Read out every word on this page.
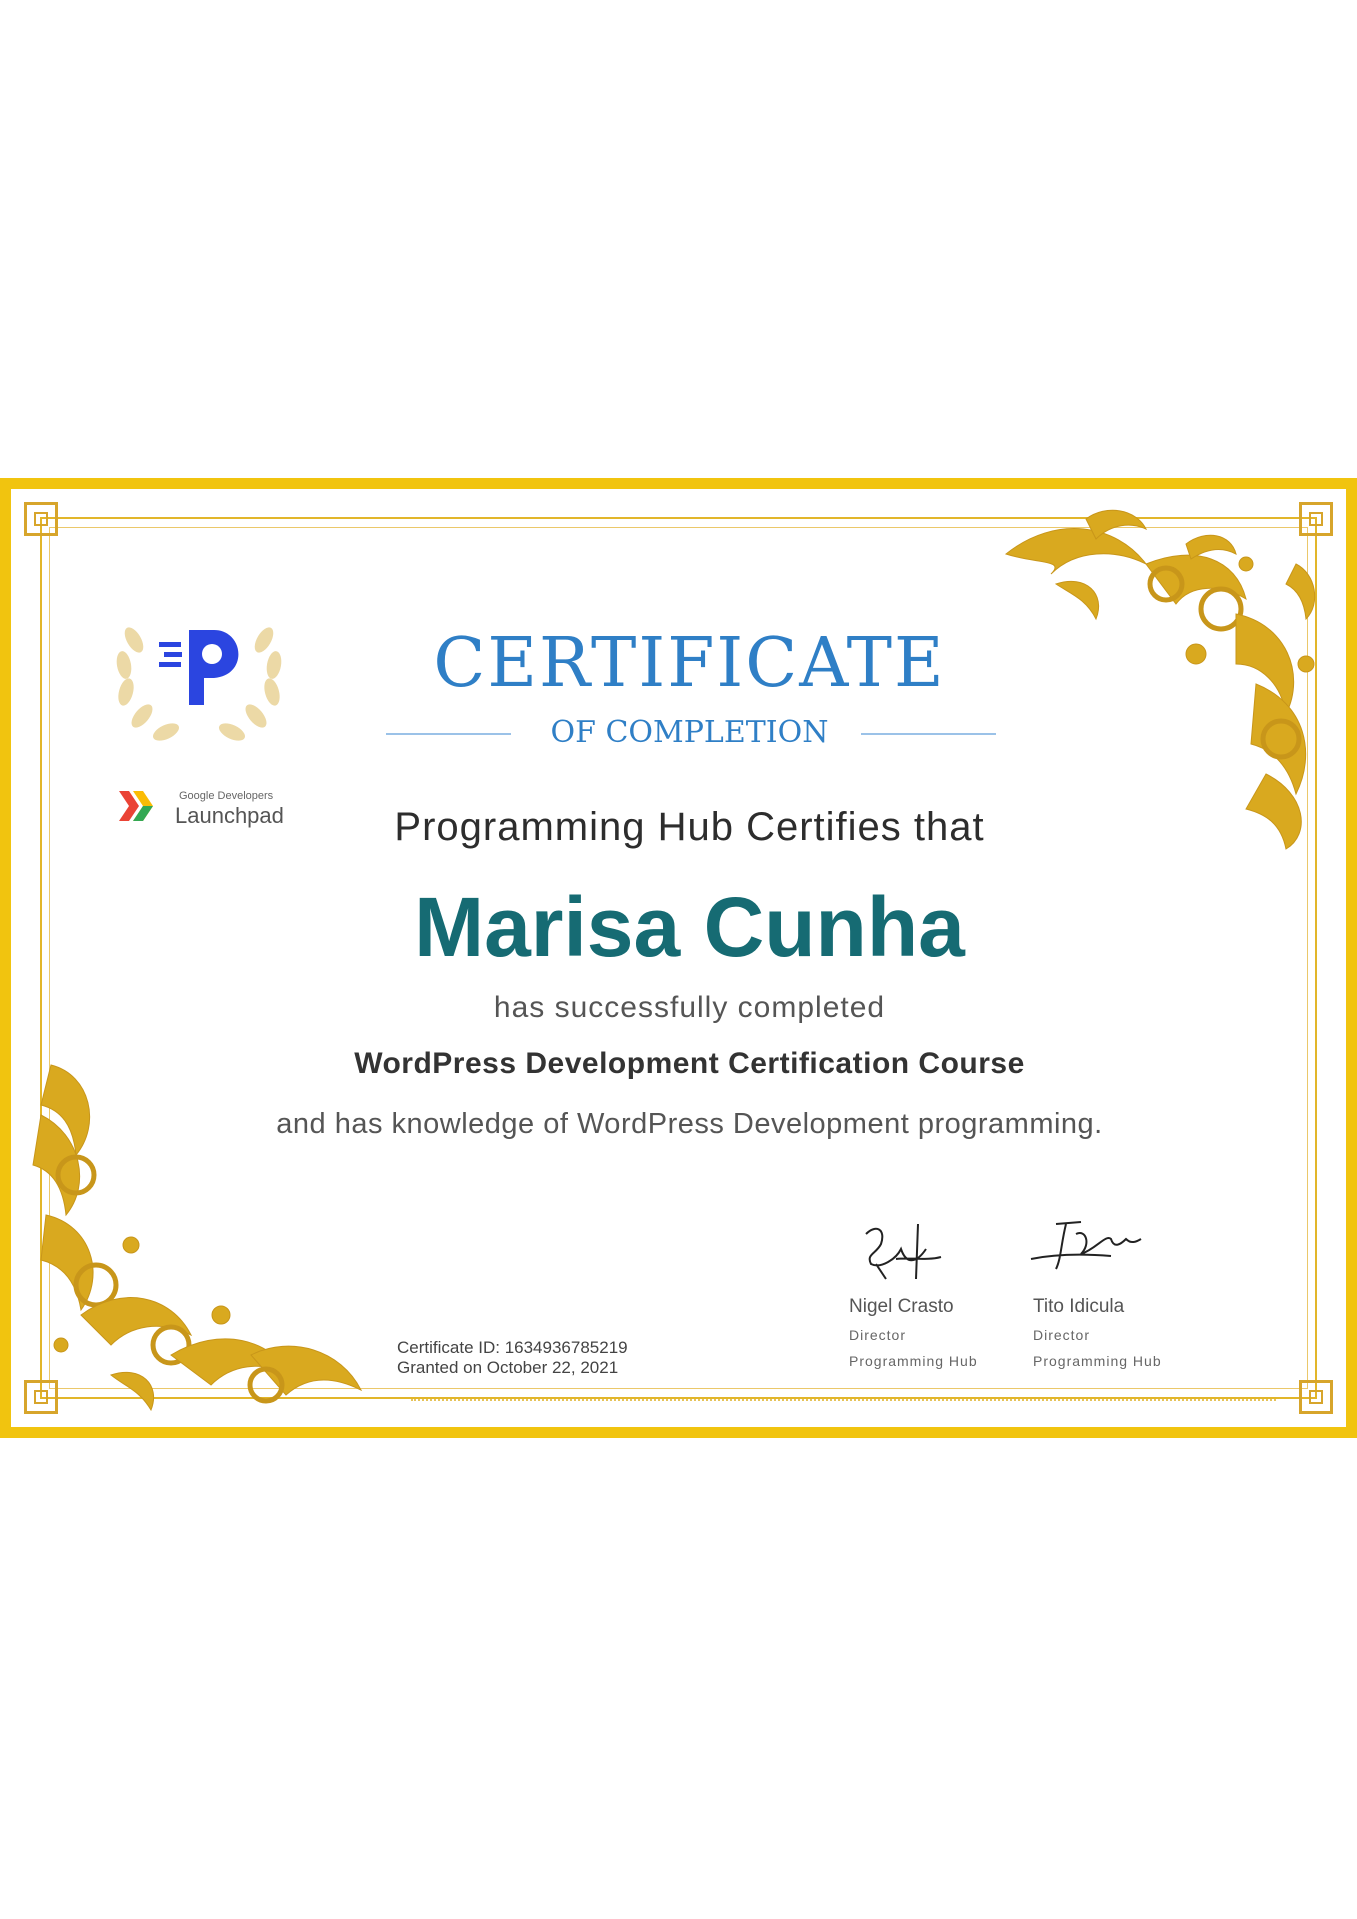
Google Developers
Launchpad
CERTIFICATE
OF COMPLETION
Programming Hub Certifies that
Marisa Cunha
has successfully completed
WordPress Development Certification Course
and has knowledge of WordPress Development programming.
Certificate ID: 1634936785219
Granted on October 22, 2021
Nigel Crasto
Director
Programming Hub
Tito Idicula
Director
Programming Hub
